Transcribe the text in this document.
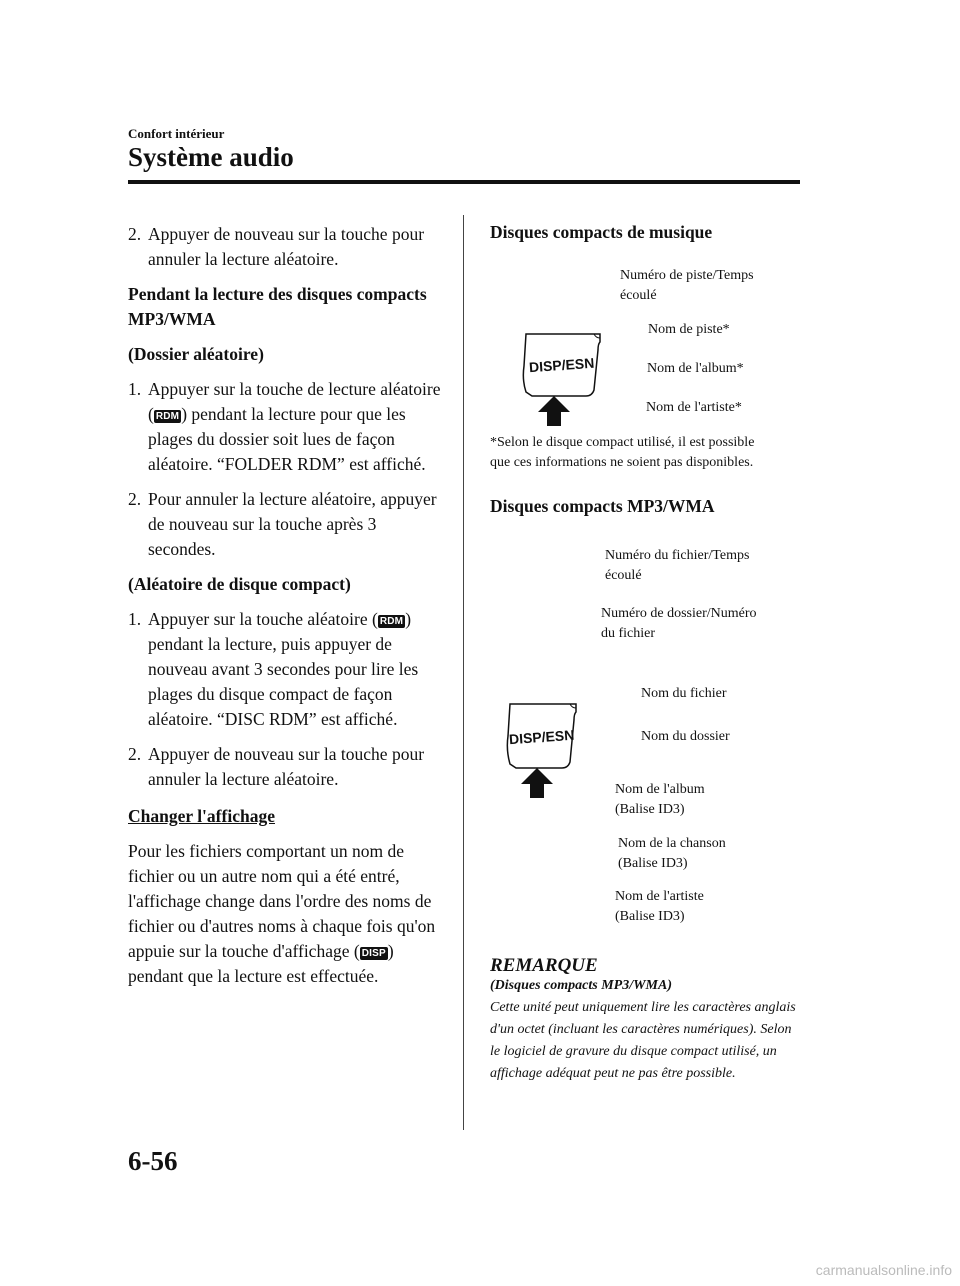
Confort intérieur
Système audio
2. Appuyer de nouveau sur la touche pour annuler la lecture aléatoire.
Pendant la lecture des disques compacts MP3/WMA
(Dossier aléatoire)
1. Appuyer sur la touche de lecture aléatoire ( RDM ) pendant la lecture pour que les plages du dossier soit lues de façon aléatoire. “FOLDER RDM” est affiché.
2. Pour annuler la lecture aléatoire, appuyer de nouveau sur la touche après 3 secondes.
(Aléatoire de disque compact)
1. Appuyer sur la touche aléatoire ( RDM ) pendant la lecture, puis appuyer de nouveau avant 3 secondes pour lire les plages du disque compact de façon aléatoire. “DISC RDM” est affiché.
2. Appuyer de nouveau sur la touche pour annuler la lecture aléatoire.
Changer l'affichage
Pour les fichiers comportant un nom de fichier ou un autre nom qui a été entré, l'affichage change dans l'ordre des noms de fichier ou d'autres noms à chaque fois qu'on appuie sur la touche d'affichage ( DISP ) pendant que la lecture est effectuée.
Disques compacts de musique
Numéro de piste/Temps
écoulé
Nom de piste*
Nom de l'album*
Nom de l'artiste*
DISP/ESN
*Selon le disque compact utilisé, il est possible
que ces informations ne soient pas disponibles.
Disques compacts MP3/WMA
Numéro du fichier/Temps
écoulé
Numéro de dossier/Numéro
du fichier
Nom du fichier
Nom du dossier
DISP/ESN
Nom de l'album
(Balise ID3)
Nom de la chanson
(Balise ID3)
Nom de l'artiste
(Balise ID3)
REMARQUE
(Disques compacts MP3/WMA)
Cette unité peut uniquement lire les caractères anglais d'un octet (incluant les caractères numériques). Selon le logiciel de gravure du disque compact utilisé, un affichage adéquat peut ne pas être possible.
6-56
carmanualsonline.info
